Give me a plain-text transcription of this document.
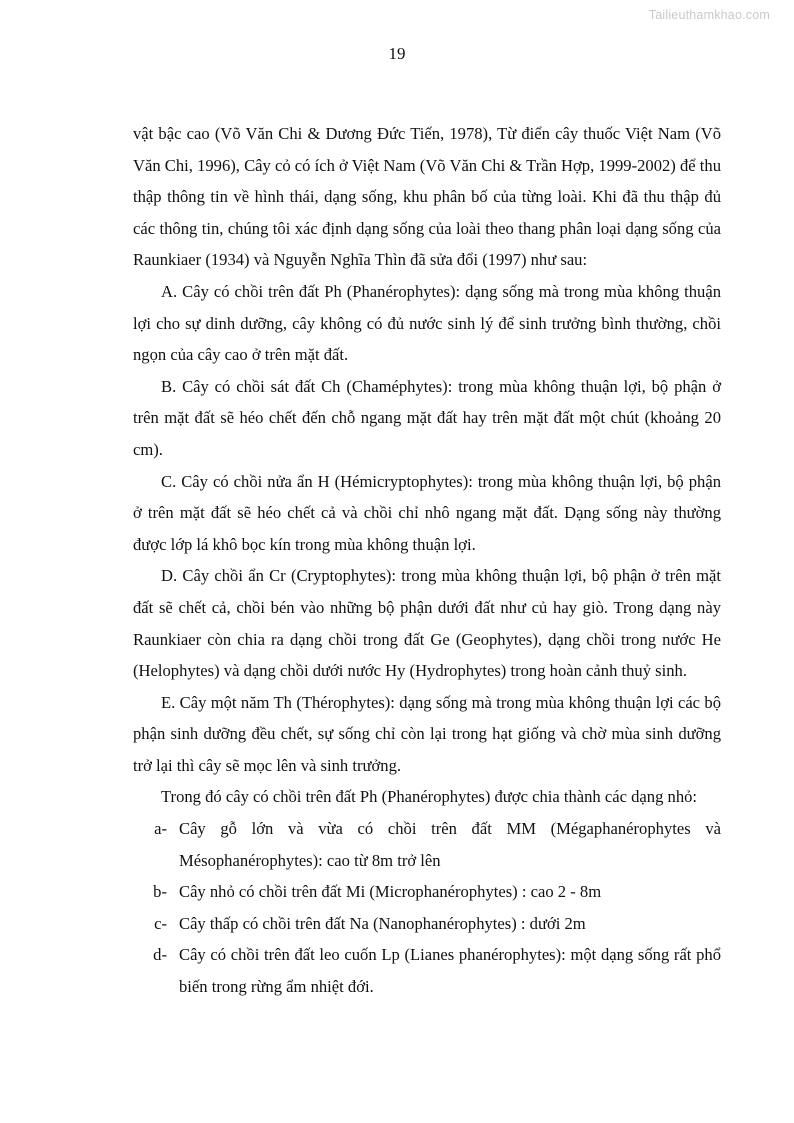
Tailieuthamkhao.com
19

vật bậc cao (Võ Văn Chi & Dương Đức Tiến, 1978), Từ điển cây thuốc Việt Nam (Võ Văn Chi, 1996), Cây cỏ có ích ở Việt Nam (Võ Văn Chi & Trần Hợp, 1999-2002) để thu thập thông tin về hình thái, dạng sống, khu phân bố của từng loài. Khi đã thu thập đủ các thông tin, chúng tôi xác định dạng sống của loài theo thang phân loại dạng sống của Raunkiaer (1934) và Nguyễn Nghĩa Thìn đã sửa đổi (1997) như sau:

A. Cây có chồi trên đất Ph (Phanérophytes): dạng sống mà trong mùa không thuận lợi cho sự dinh dưỡng, cây không có đủ nước sinh lý để sinh trưởng bình thường, chồi ngọn của cây cao ở trên mặt đất.

B. Cây có chồi sát đất Ch (Chaméphytes): trong mùa không thuận lợi, bộ phận ở trên mặt đất sẽ héo chết đến chỗ ngang mặt đất hay trên mặt đất một chút (khoảng 20 cm).

C. Cây có chồi nửa ẩn H (Hémicryptophytes): trong mùa không thuận lợi, bộ phận ở trên mặt đất sẽ héo chết cả và chồi chỉ nhô ngang mặt đất. Dạng sống này thường được lớp lá khô bọc kín trong mùa không thuận lợi.

D. Cây chồi ẩn Cr (Cryptophytes): trong mùa không thuận lợi, bộ phận ở trên mặt đất sẽ chết cả, chồi bén vào những bộ phận dưới đất như củ hay giò. Trong dạng này Raunkiaer còn chia ra dạng chồi trong đất Ge (Geophytes), dạng chồi trong nước He (Helophytes) và dạng chồi dưới nước Hy (Hydrophytes) trong hoàn cảnh thuỷ sinh.

E. Cây một năm Th (Thérophytes): dạng sống mà trong mùa không thuận lợi các bộ phận sinh dưỡng đều chết, sự sống chỉ còn lại trong hạt giống và chờ mùa sinh dưỡng trở lại thì cây sẽ mọc lên và sinh trưởng.

Trong đó cây có chồi trên đất Ph (Phanérophytes) được chia thành các dạng nhỏ:

a- Cây gỗ lớn và vừa có chồi trên đất MM (Mégaphanérophytes và Mésophanérophytes): cao từ 8m trở lên
b- Cây nhỏ có chồi trên đất Mi (Microphanérophytes) : cao 2 - 8m
c- Cây thấp có chồi trên đất Na (Nanophanérophytes) : dưới 2m
d- Cây có chồi trên đất leo cuốn Lp (Lianes phanérophytes): một dạng sống rất phổ biến trong rừng ẩm nhiệt đới.
